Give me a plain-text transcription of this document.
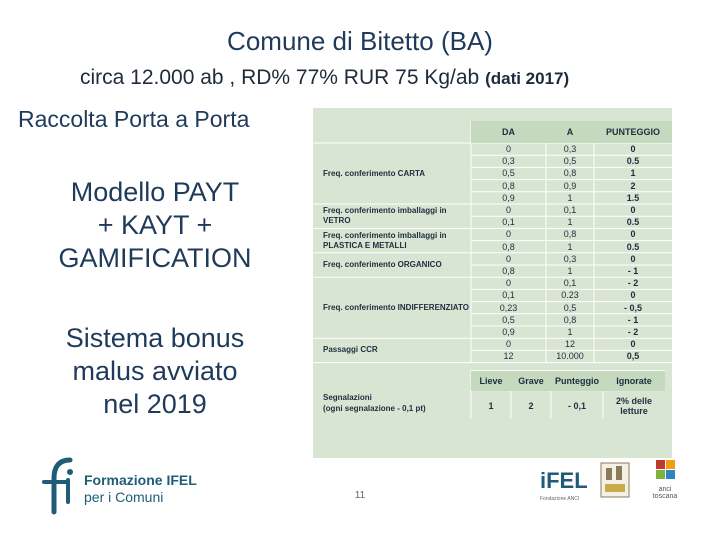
Comune di Bitetto (BA)
circa 12.000 ab , RD% 77% RUR 75 Kg/ab (dati 2017)
Raccolta Porta a Porta
Modello PAYT
+ KAYT +
GAMIFICATION
Sistema bonus
malus avviato
nel 2019
DA	A	PUNTEGGIO
Freq. conferimento CARTA
0	0,3	0
0,3	0,5	0.5
0,5	0,8	1
0,8	0,9	2
0,9	1	1.5
Freq. conferimento imballaggi in VETRO
0	0,1	0
0,1	1	0.5
Freq. conferimento imballaggi in PLASTICA E METALLI
0	0,8	0
0,8	1	0.5
Freq. conferimento ORGANICO
0	0,3	0
0,8	1	- 1
Freq. conferimento INDIFFERENZIATO
0	0,1	- 2
0,1	0.23	0
0,23	0,5	- 0,5
0,5	0,8	- 1
0,9	1	- 2
Passaggi CCR
0	12	0
12	10.000	0,5
Lieve	Grave	Punteggio	Ignorate
Segnalazioni
(ogni segnalazione - 0,1 pt)	1	2	- 0,1	2% delle letture
11
Formazione IFEL
per i Comuni
iFEL
Fondazione ANCI
anci toscana
